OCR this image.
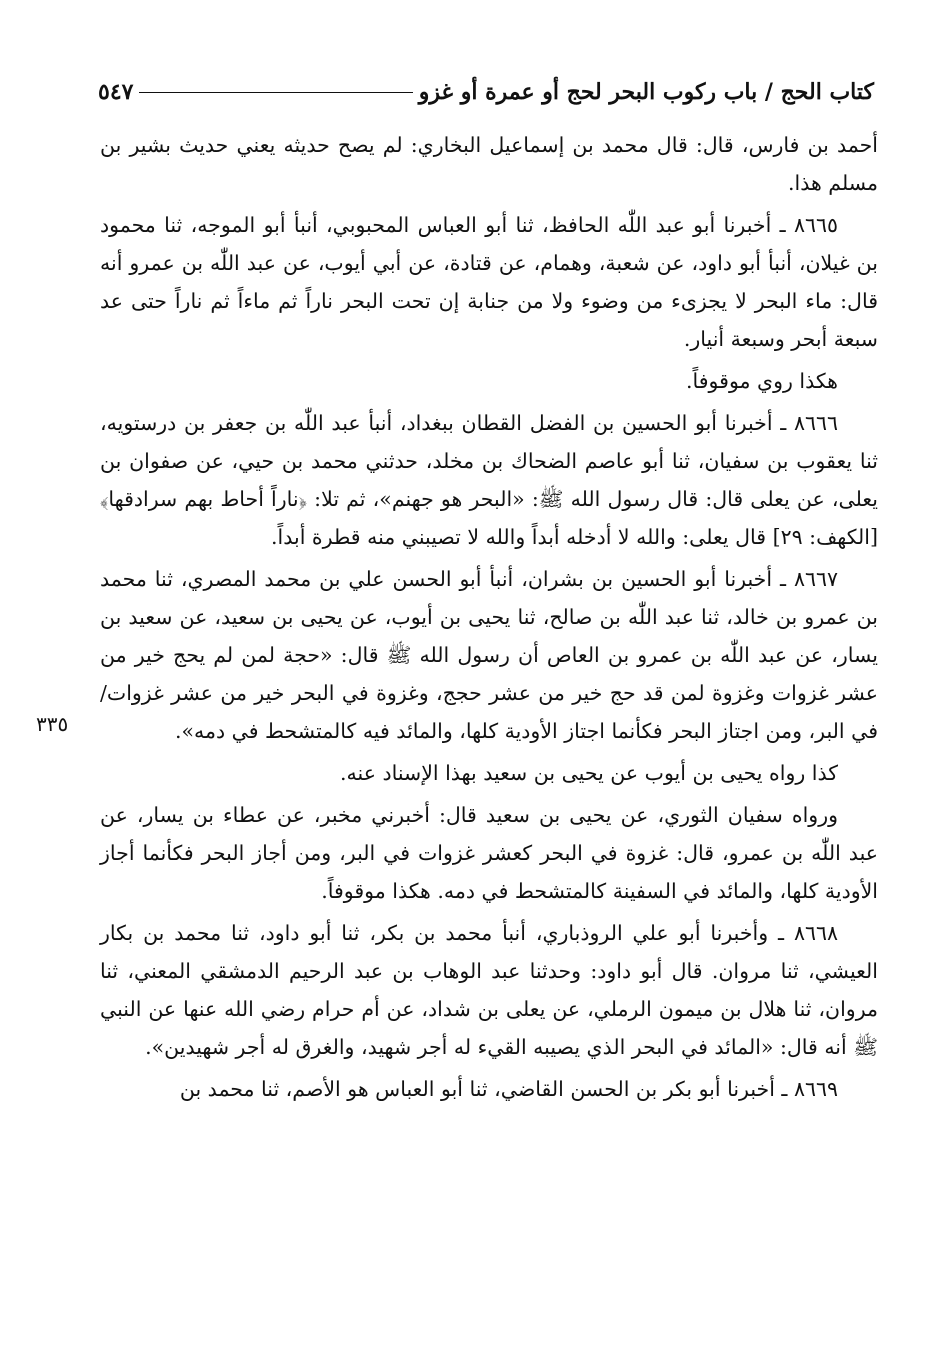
كتاب الحج / باب ركوب البحر لحج أو عمرة أو غزو
٥٤٧

أحمد بن فارس، قال: قال محمد بن إسماعيل البخاري: لم يصح حديثه يعني حديث بشير بن مسلم هذا.

٨٦٦٥ ـ أخبرنا أبو عبد اللّٰه الحافظ، ثنا أبو العباس المحبوبي، أنبأ أبو الموجه، ثنا محمود بن غيلان، أنبأ أبو داود، عن شعبة، وهمام، عن قتادة، عن أبي أيوب، عن عبد اللّٰه بن عمرو أنه قال: ماء البحر لا يجزىء من وضوء ولا من جنابة إن تحت البحر ناراً ثم ماءاً ثم ناراً حتى عد سبعة أبحر وسبعة أنيار.

هكذا روي موقوفاً.

٨٦٦٦ ـ أخبرنا أبو الحسين بن الفضل القطان ببغداد، أنبأ عبد اللّٰه بن جعفر بن درستويه، ثنا يعقوب بن سفيان، ثنا أبو عاصم الضحاك بن مخلد، حدثني محمد بن حيي، عن صفوان بن يعلى، عن يعلى قال: قال رسول الله ﷺ: «البحر هو جهنم»، ثم تلا: ﴿ناراً أحاط بهم سرادقها﴾ [الكهف: ٢٩] قال يعلى: والله لا أدخله أبداً والله لا تصيبني منه قطرة أبداً.

٨٦٦٧ ـ أخبرنا أبو الحسين بن بشران، أنبأ أبو الحسن علي بن محمد المصري، ثنا محمد بن عمرو بن خالد، ثنا عبد اللّٰه بن صالح، ثنا يحيى بن أيوب، عن يحيى بن سعيد، عن سعيد بن يسار، عن عبد اللّٰه بن عمرو بن العاص أن رسول الله ﷺ قال: «حجة لمن لم يحج خير من عشر غزوات وغزوة لمن قد حج خير من عشر حجج، وغزوة في البحر خير من عشر غزوات/ في البر، ومن اجتاز البحر فكأنما اجتاز الأودية كلها، والمائد فيه كالمتشحط في دمه».

كذا رواه يحيى بن أيوب عن يحيى بن سعيد بهذا الإسناد عنه.

ورواه سفيان الثوري، عن يحيى بن سعيد قال: أخبرني مخبر، عن عطاء بن يسار، عن عبد اللّٰه بن عمرو، قال: غزوة في البحر كعشر غزوات في البر، ومن أجاز البحر فكأنما أجاز الأودية كلها، والمائد في السفينة كالمتشحط في دمه. هكذا موقوفاً.

٨٦٦٨ ـ وأخبرنا أبو علي الروذباري، أنبأ محمد بن بكر، ثنا أبو داود، ثنا محمد بن بكار العيشي، ثنا مروان. قال أبو داود: وحدثنا عبد الوهاب بن عبد الرحيم الدمشقي المعني، ثنا مروان، ثنا هلال بن ميمون الرملي، عن يعلى بن شداد، عن أم حرام رضي الله عنها عن النبي ﷺ أنه قال: «المائد في البحر الذي يصيبه القيء له أجر شهيد، والغرق له أجر شهيدين».

٨٦٦٩ ـ أخبرنا أبو بكر بن الحسن القاضي، ثنا أبو العباس هو الأصم، ثنا محمد بن

٣٣٥
